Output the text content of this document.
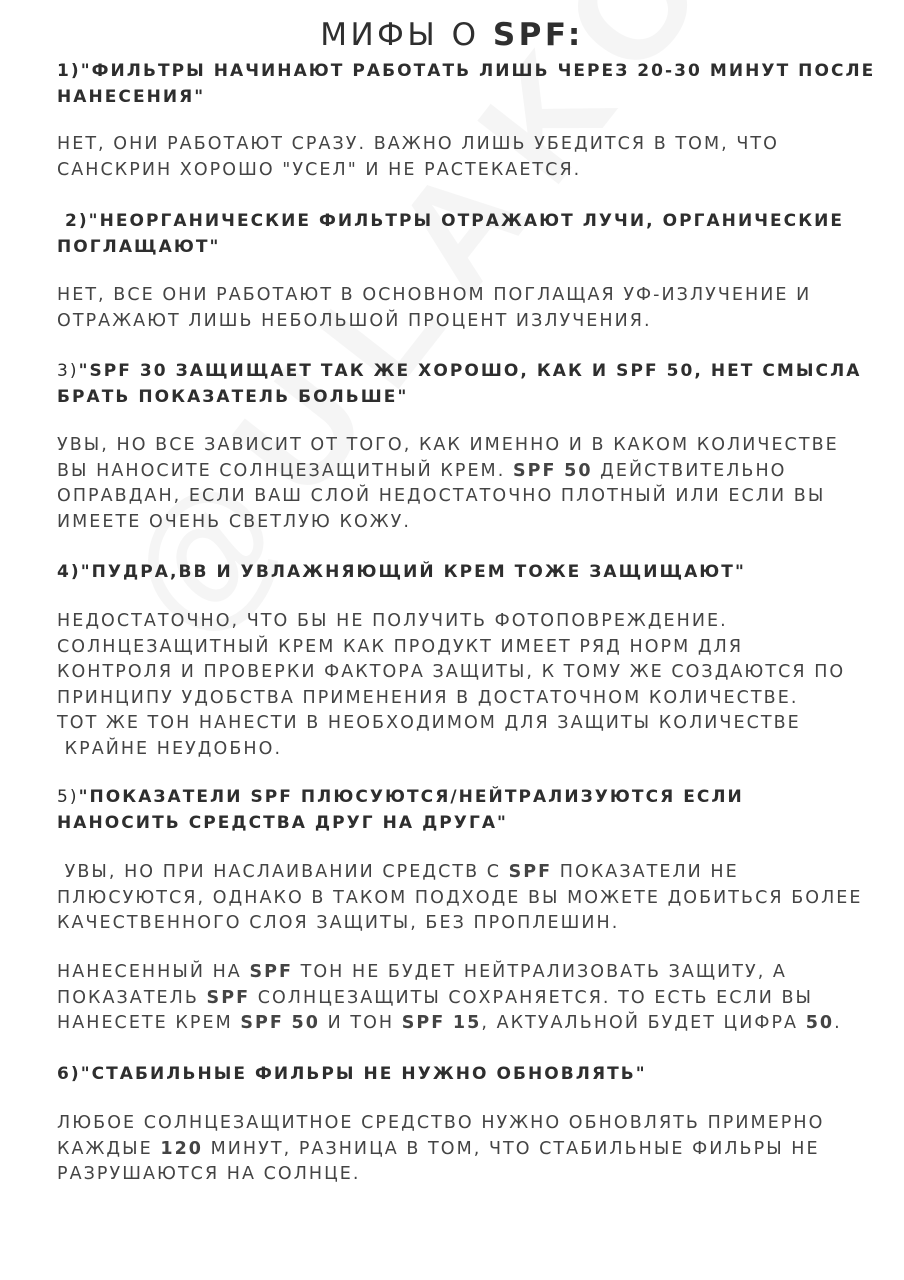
МИФЫ О SPF:

1)"ФИЛЬТРЫ НАЧИНАЮТ РАБОТАТЬ ЛИШЬ ЧЕРЕЗ 20-30 МИНУТ ПОСЛЕ

НАНЕСЕНИЯ"

НЕТ, ОНИ РАБОТАЮТ СРАЗУ. ВАЖНО ЛИШЬ УБЕДИТСЯ В ТОМ, ЧТО

САНСКРИН ХОРОШО "УСЕЛ" И НЕ РАСТЕКАЕТСЯ.

2)"НЕОРГАНИЧЕСКИЕ ФИЛЬТРЫ ОТРАЖАЮТ ЛУЧИ, ОРГАНИЧЕСКИЕ

ПОГЛАЩАЮТ"

НЕТ, ВСЕ ОНИ РАБОТАЮТ В ОСНОВНОМ ПОГЛАЩАЯ УФ-ИЗЛУЧЕНИЕ И

ОТРАЖАЮТ ЛИШЬ НЕБОЛЬШОЙ ПРОЦЕНТ ИЗЛУЧЕНИЯ.

3)"SPF 30 ЗАЩИЩАЕТ ТАК ЖЕ ХОРОШО, КАК И SPF 50, НЕТ СМЫСЛА

БРАТЬ ПОКАЗАТЕЛЬ БОЛЬШЕ"

УВЫ, НО ВСЕ ЗАВИСИТ ОТ ТОГО, КАК ИМЕННО И В КАКОМ КОЛИЧЕСТВЕ

ВЫ НАНОСИТЕ СОЛНЦЕЗАЩИТНЫЙ КРЕМ. SPF 50 ДЕЙСТВИТЕЛЬНО

ОПРАВДАН, ЕСЛИ ВАШ СЛОЙ НЕДОСТАТОЧНО ПЛОТНЫЙ ИЛИ ЕСЛИ ВЫ

ИМЕЕТЕ ОЧЕНЬ СВЕТЛУЮ КОЖУ.

4)"ПУДРА,BB И УВЛАЖНЯЮЩИЙ КРЕМ ТОЖЕ ЗАЩИЩАЮТ"

НЕДОСТАТОЧНО, ЧТО БЫ НЕ ПОЛУЧИТЬ ФОТОПОВРЕЖДЕНИЕ.

СОЛНЦЕЗАЩИТНЫЙ КРЕМ КАК ПРОДУКТ ИМЕЕТ РЯД НОРМ ДЛЯ

КОНТРОЛЯ И ПРОВЕРКИ ФАКТОРА ЗАЩИТЫ, К ТОМУ ЖЕ СОЗДАЮТСЯ ПО

ПРИНЦИПУ УДОБСТВА ПРИМЕНЕНИЯ В ДОСТАТОЧНОМ КОЛИЧЕСТВЕ.

ТОТ ЖЕ ТОН НАНЕСТИ В НЕОБХОДИМОМ ДЛЯ ЗАЩИТЫ КОЛИЧЕСТВЕ

КРАЙНЕ НЕУДОБНО.

5)"ПОКАЗАТЕЛИ SPF ПЛЮСУЮТСЯ/НЕЙТРАЛИЗУЮТСЯ ЕСЛИ

НАНОСИТЬ СРЕДСТВА ДРУГ НА ДРУГА"

УВЫ, НО ПРИ НАСЛАИВАНИИ СРЕДСТВ С SPF ПОКАЗАТЕЛИ НЕ

ПЛЮСУЮТСЯ, ОДНАКО В ТАКОМ ПОДХОДЕ ВЫ МОЖЕТЕ ДОБИТЬСЯ БОЛЕЕ

КАЧЕСТВЕННОГО СЛОЯ ЗАЩИТЫ, БЕЗ ПРОПЛЕШИН.

НАНЕСЕННЫЙ НА SPF ТОН НЕ БУДЕТ НЕЙТРАЛИЗОВАТЬ ЗАЩИТУ, А

ПОКАЗАТЕЛЬ SPF СОЛНЦЕЗАЩИТЫ СОХРАНЯЕТСЯ. ТО ЕСТЬ ЕСЛИ ВЫ

НАНЕСЕТЕ КРЕМ SPF 50 И ТОН SPF 15, АКТУАЛЬНОЙ БУДЕТ ЦИФРА 50.

6)"СТАБИЛЬНЫЕ ФИЛЬРЫ НЕ НУЖНО ОБНОВЛЯТЬ"

ЛЮБОЕ СОЛНЦЕЗАЩИТНОЕ СРЕДСТВО НУЖНО ОБНОВЛЯТЬ ПРИМЕРНО

КАЖДЫЕ 120 МИНУТ, РАЗНИЦА В ТОМ, ЧТО СТАБИЛЬНЫЕ ФИЛЬРЫ НЕ

РАЗРУШАЮТСЯ НА СОЛНЦЕ.
